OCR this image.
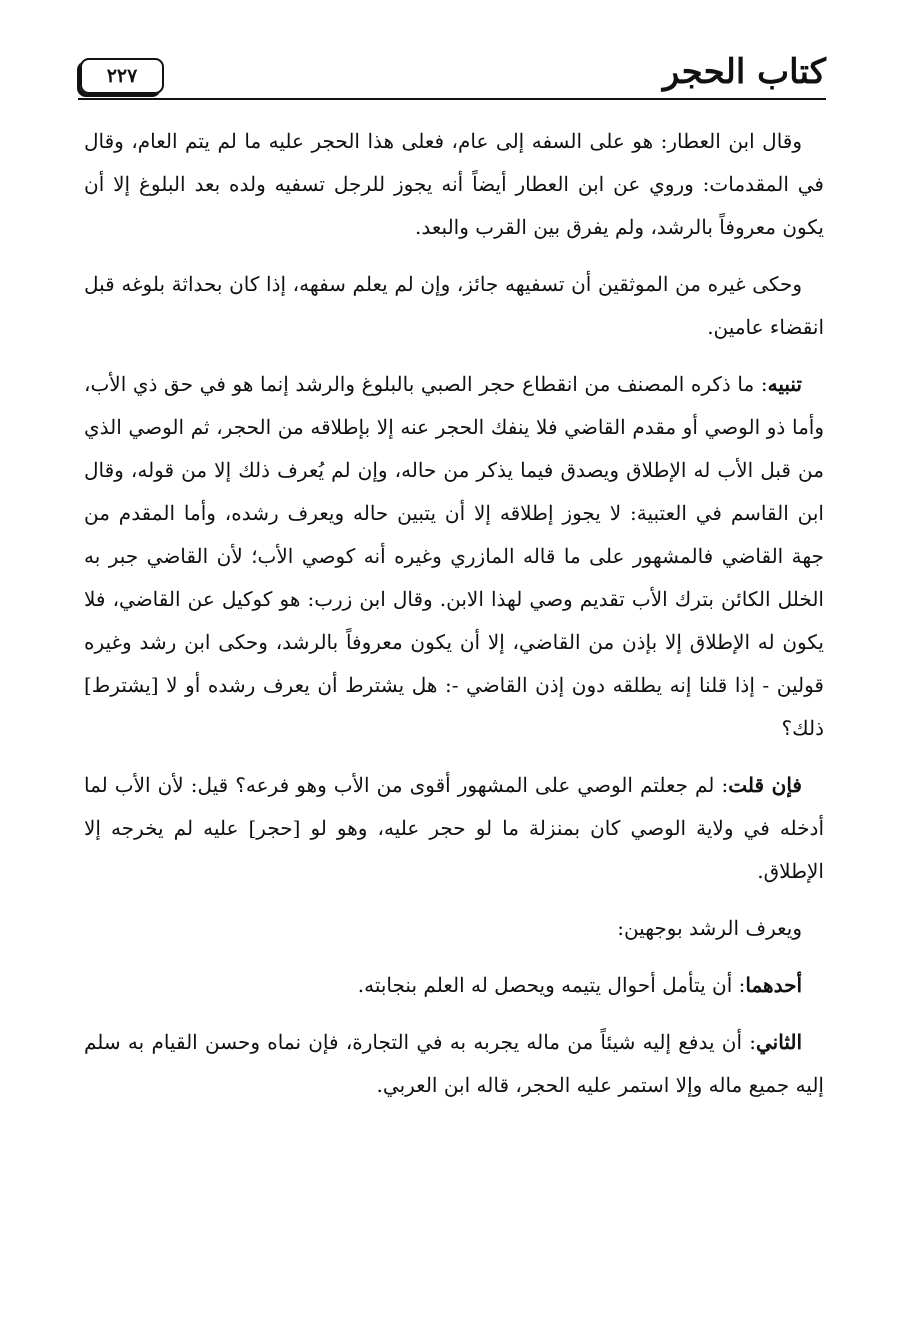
كتاب الحجر
٢٢٧

وقال ابن العطار: هو على السفه إلى عام، فعلى هذا الحجر عليه ما لم يتم العام، وقال في المقدمات: وروي عن ابن العطار أيضاً أنه يجوز للرجل تسفيه ولده بعد البلوغ إلا أن يكون معروفاً بالرشد، ولم يفرق بين القرب والبعد.

وحكى غيره من الموثقين أن تسفيهه جائز، وإن لم يعلم سفهه، إذا كان بحداثة بلوغه قبل انقضاء عامين.

تنبيه: ما ذكره المصنف من انقطاع حجر الصبي بالبلوغ والرشد إنما هو في حق ذي الأب، وأما ذو الوصي أو مقدم القاضي فلا ينفك الحجر عنه إلا بإطلاقه من الحجر، ثم الوصي الذي من قبل الأب له الإطلاق ويصدق فيما يذكر من حاله، وإن لم يُعرف ذلك إلا من قوله، وقال ابن القاسم في العتبية: لا يجوز إطلاقه إلا أن يتبين حاله ويعرف رشده، وأما المقدم من جهة القاضي فالمشهور على ما قاله المازري وغيره أنه كوصي الأب؛ لأن القاضي جبر به الخلل الكائن بترك الأب تقديم وصي لهذا الابن. وقال ابن زرب: هو كوكيل عن القاضي، فلا يكون له الإطلاق إلا بإذن من القاضي، إلا أن يكون معروفاً بالرشد، وحكى ابن رشد وغيره قولين - إذا قلنا إنه يطلقه دون إذن القاضي -: هل يشترط أن يعرف رشده أو لا [يشترط] ذلك؟

فإن قلت: لم جعلتم الوصي على المشهور أقوى من الأب وهو فرعه؟ قيل: لأن الأب لما أدخله في ولاية الوصي كان بمنزلة ما لو حجر عليه، وهو لو [حجر] عليه لم يخرجه إلا الإطلاق.

ويعرف الرشد بوجهين:

أحدهما: أن يتأمل أحوال يتيمه ويحصل له العلم بنجابته.

الثاني: أن يدفع إليه شيئاً من ماله يجربه به في التجارة، فإن نماه وحسن القيام به سلم إليه جميع ماله وإلا استمر عليه الحجر، قاله ابن العربي.
